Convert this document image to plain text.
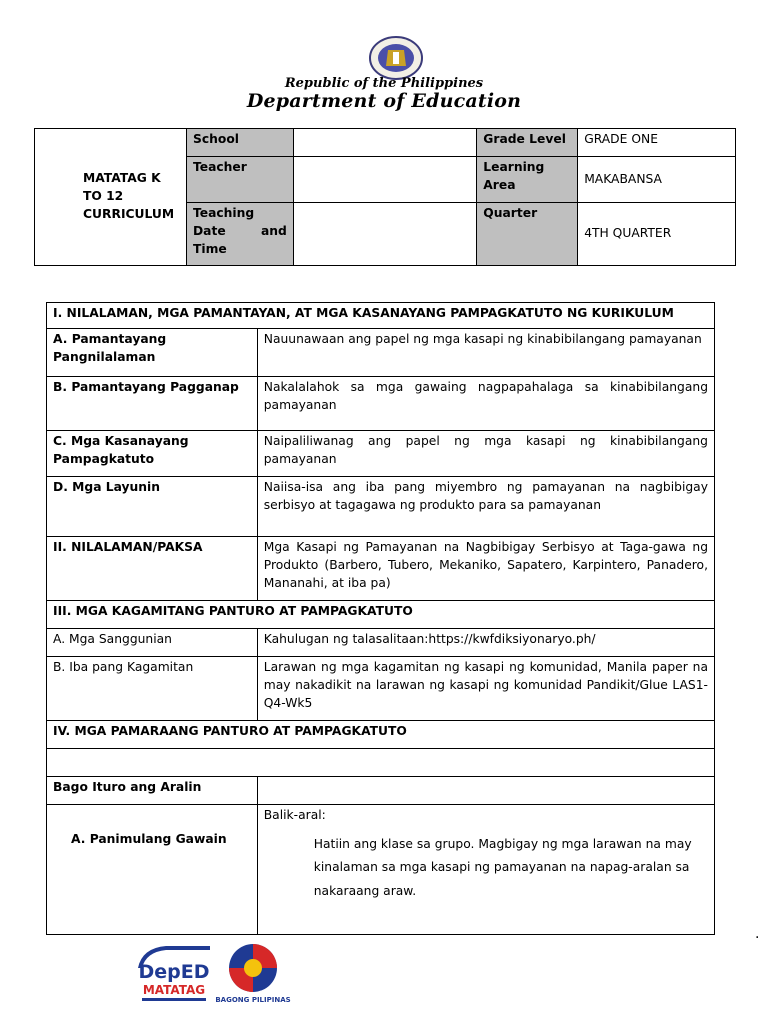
Republic of the Philippines
Department of Education
MATATAG K TO 12 CURRICULUM	School		Grade Level	GRADE ONE
	Teacher		Learning Area	MAKABANSA
	Teaching Date and Time		Quarter	4TH QUARTER
I. NILALAMAN, MGA PAMANTAYAN, AT MGA KASANAYANG PAMPAGKATUTO NG KURIKULUM	
A. Pamantayang Pangnilalaman	Nauunawaan ang papel ng mga kasapi ng kinabibilangang pamayanan
B. Pamantayang Pagganap	Nakalalahok sa mga gawaing nagpapahalaga sa kinabibilangang pamayanan
C. Mga Kasanayang Pampagkatuto	Naipaliliwanag ang papel ng mga kasapi ng kinabibilangang pamayanan
D. Mga Layunin	Naiisa-isa ang iba pang miyembro ng pamayanan na nagbibigay serbisyo at tagagawa ng produkto para sa pamayanan
II. NILALAMAN/PAKSA	Mga Kasapi ng Pamayanan na Nagbibigay Serbisyo at Taga-gawa ng Produkto (Barbero, Tubero, Mekaniko, Sapatero, Karpintero, Panadero, Mananahi, at iba pa)
III. MGA KAGAMITANG PANTURO AT PAMPAGKATUTO	
A. Mga Sanggunian	Kahulugan ng talasalitaan:https://kwfdiksiyonaryo.ph/
B. Iba pang Kagamitan	Larawan ng mga kagamitan ng kasapi ng komunidad, Manila paper na may nakadikit na larawan ng kasapi ng komunidad Pandikit/Glue LAS1-Q4-Wk5
IV. MGA PAMARAANG PANTURO AT PAMPAGKATUTO	

Bago Ituro ang Aralin	
A. Panimulang Gawain	Balik-aral:
Hatiin ang klase sa grupo. Magbigay ng mga larawan na may kinalaman sa mga kasapi ng pamayanan na napag-aralan sa nakaraang araw.
.
DepED
MATATAG
BAGONG PILIPINAS
